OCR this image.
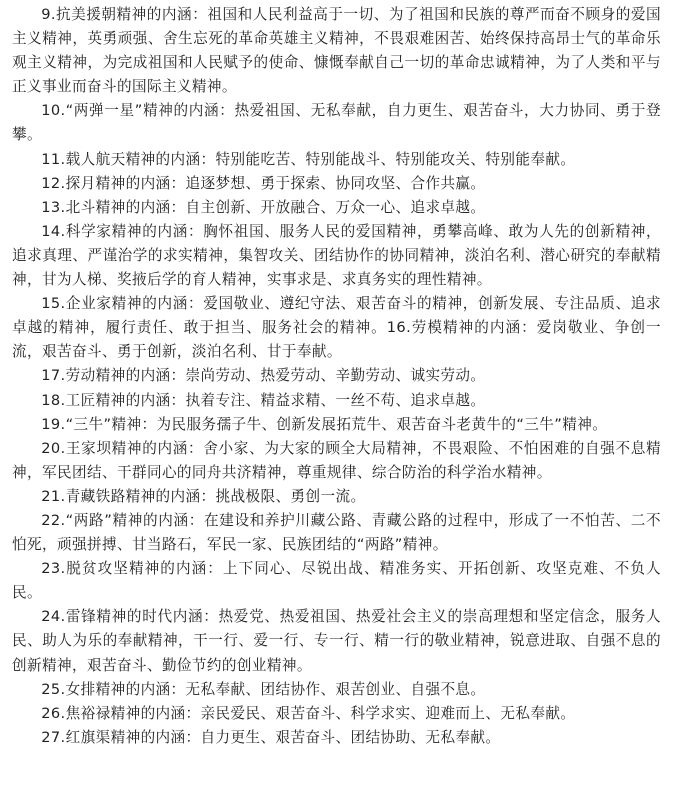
9.抗美援朝精神的内涵：祖国和人民利益高于一切、为了祖国和民族的尊严而奋不顾身的爱国主义精神，英勇顽强、舍生忘死的革命英雄主义精神，不畏艰难困苦、始终保持高昂士气的革命乐观主义精神，为完成祖国和人民赋予的使命、慷慨奉献自己一切的革命忠诚精神，为了人类和平与正义事业而奋斗的国际主义精神。

10.“两弹一星”精神的内涵：热爱祖国、无私奉献，自力更生、艰苦奋斗，大力协同、勇于登攀。

11.载人航天精神的内涵：特别能吃苦、特别能战斗、特别能攻关、特别能奉献。

12.探月精神的内涵：追逐梦想、勇于探索、协同攻坚、合作共赢。

13.北斗精神的内涵：自主创新、开放融合、万众一心、追求卓越。

14.科学家精神的内涵：胸怀祖国、服务人民的爱国精神，勇攀高峰、敢为人先的创新精神，追求真理、严谨治学的求实精神，集智攻关、团结协作的协同精神，淡泊名利、潜心研究的奉献精神，甘为人梯、奖掖后学的育人精神，实事求是、求真务实的理性精神。

15.企业家精神的内涵：爱国敬业、遵纪守法、艰苦奋斗的精神，创新发展、专注品质、追求卓越的精神，履行责任、敢于担当、服务社会的精神。16.劳模精神的内涵：爱岗敬业、争创一流，艰苦奋斗、勇于创新，淡泊名利、甘于奉献。

17.劳动精神的内涵：崇尚劳动、热爱劳动、辛勤劳动、诚实劳动。

18.工匠精神的内涵：执着专注、精益求精、一丝不苟、追求卓越。

19.“三牛”精神：为民服务孺子牛、创新发展拓荒牛、艰苦奋斗老黄牛的“三牛”精神。

20.王家坝精神的内涵：舍小家、为大家的顾全大局精神，不畏艰险、不怕困难的自强不息精神，军民团结、干群同心的同舟共济精神，尊重规律、综合防治的科学治水精神。

21.青藏铁路精神的内涵：挑战极限、勇创一流。

22.“两路”精神的内涵：在建设和养护川藏公路、青藏公路的过程中，形成了一不怕苦、二不怕死，顽强拼搏、甘当路石，军民一家、民族团结的“两路”精神。

23.脱贫攻坚精神的内涵：上下同心、尽锐出战、精准务实、开拓创新、攻坚克难、不负人民。

24.雷锋精神的时代内涵：热爱党、热爱祖国、热爱社会主义的崇高理想和坚定信念，服务人民、助人为乐的奉献精神，干一行、爱一行、专一行、精一行的敬业精神，锐意进取、自强不息的创新精神，艰苦奋斗、勤俭节约的创业精神。

25.女排精神的内涵：无私奉献、团结协作、艰苦创业、自强不息。

26.焦裕禄精神的内涵：亲民爱民、艰苦奋斗、科学求实、迎难而上、无私奉献。

27.红旗渠精神的内涵：自力更生、艰苦奋斗、团结协助、无私奉献。
